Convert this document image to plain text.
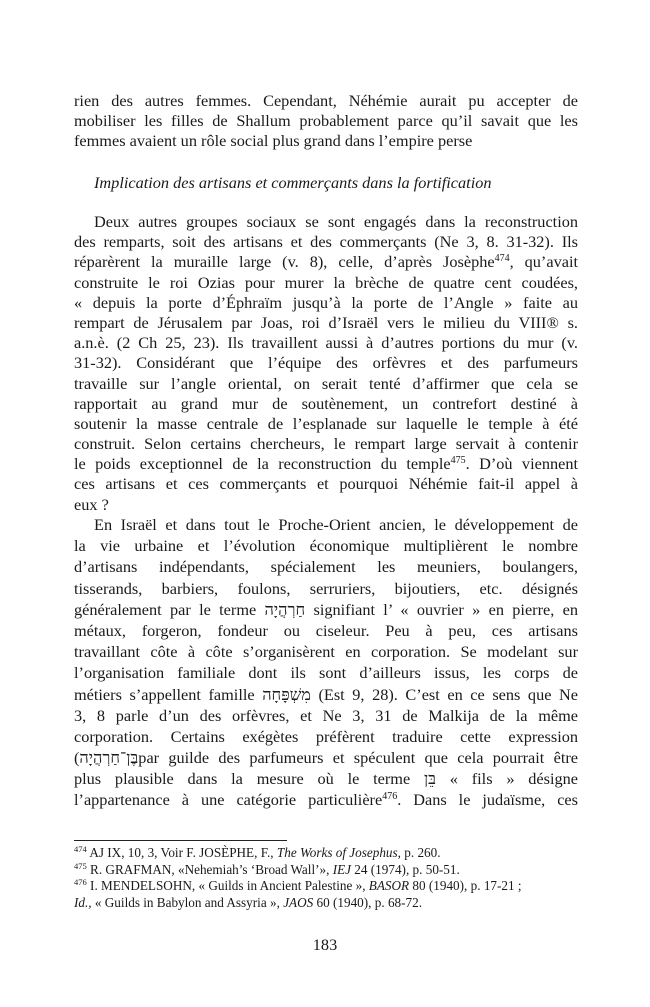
rien des autres femmes. Cependant, Néhémie aurait pu accepter de
mobiliser les filles de Shallum probablement parce qu’il savait que les
femmes avaient un rôle social plus grand dans l’empire perse
Implication des artisans et commerçants dans la fortification
Deux autres groupes sociaux se sont engagés dans la reconstruction
des remparts, soit des artisans et des commerçants (Ne 3, 8. 31-32). Ils
réparèrent la muraille large (v. 8), celle, d’après Josèphe$^{474}$, qu’avait
construite le roi Ozias pour murer la brèche de quatre cent coudées,
« depuis la porte d’Éphraïm jusqu’à la porte de l’Angle » faite au
rempart de Jérusalem par Joas, roi d’Israël vers le milieu du VIII® s.
a.n.è. (2 Ch 25, 23). Ils travaillent aussi à d’autres portions du mur (v.
31-32). Considérant que l’équipe des orfèvres et des parfumeurs
travaille sur l’angle oriental, on serait tenté d’affirmer que cela se
rapportait au grand mur de soutènement, un contrefort destiné à
soutenir la masse centrale de l’esplanade sur laquelle le temple à été
construit. Selon certains chercheurs, le rempart large servait à contenir
le poids exceptionnel de la reconstruction du temple$^{475}$. D’où viennent
ces artisans et ces commerçants et pourquoi Néhémie fait-il appel à
eux ?
En Israël et dans tout le Proche-Orient ancien, le développement de
la vie urbaine et l’évolution économique multiplièrent le nombre
d’artisans indépendants, spécialement les meuniers, boulangers,
tisserands, barbiers, foulons, serruriers, bijoutiers, etc. désignés
généralement par le terme חַרְהֲיָה signifiant l’ « ouvrier » en pierre, en
métaux, forgeron, fondeur ou ciseleur. Peu à peu, ces artisans
travaillant côte à côte s’organisèrent en corporation. Se modelant sur
l’organisation familiale dont ils sont d’ailleurs issus, les corps de
métiers s’appellent famille מִשְׁפָּחָה (Est 9, 28). C’est en ce sens que Ne
3, 8 parle d’un des orfèvres, et Ne 3, 31 de Malkija de la même
corporation. Certains exégètes préfèrent traduire cette expression
(בֶּן־חַרְהֲיָהpar guilde des parfumeurs et spéculent que cela pourrait être
plus plausible dans la mesure où le terme בֵּן « fils » désigne
l’appartenance à une catégorie particulière$^{476}$. Dans le judaïsme, ces
$^{474}$ AJ IX, 10, 3, Voir F. JOSÈPHE, F., The Works of Josephus, p. 260.
$^{475}$ R. GRAFMAN, «Nehemiah’s ‘Broad Wall’», IEJ 24 (1974), p. 50-51.
$^{476}$ I. MENDELSOHN, « Guilds in Ancient Palestine », BASOR 80 (1940), p. 17-21 ;
Id., « Guilds in Babylon and Assyria », JAOS 60 (1940), p. 68-72.
183
